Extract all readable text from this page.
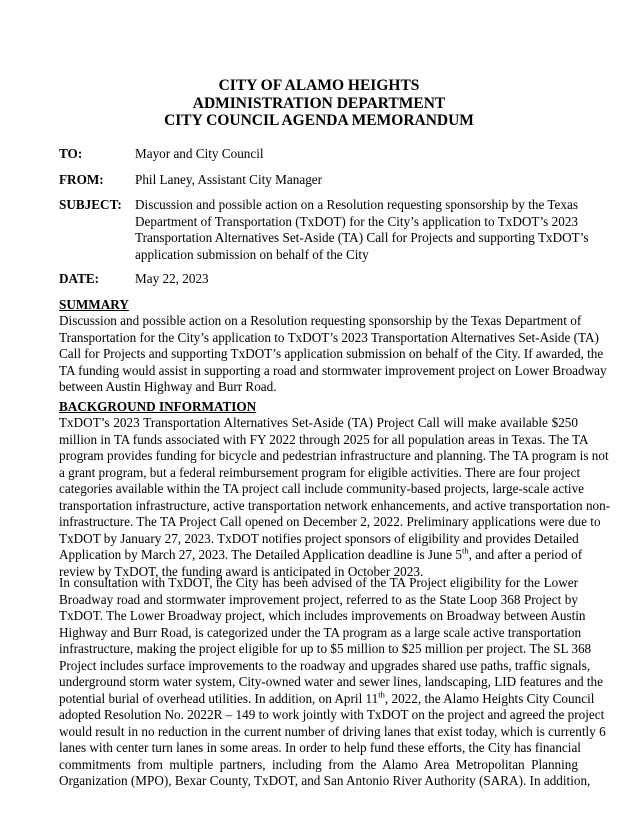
CITY OF ALAMO HEIGHTS
ADMINISTRATION DEPARTMENT
CITY COUNCIL AGENDA MEMORANDUM
TO:	Mayor and City Council
FROM: Phil Laney, Assistant City Manager
SUBJECT: Discussion and possible action on a Resolution requesting sponsorship by the Texas
Department of Transportation (TxDOT) for the City’s application to TxDOT’s 2023
Transportation Alternatives Set-Aside (TA) Call for Projects and supporting TxDOT’s
application submission on behalf of the City
DATE:	May 22, 2023
SUMMARY
Discussion and possible action on a Resolution requesting sponsorship by the Texas Department of
Transportation for the City’s application to TxDOT’s 2023 Transportation Alternatives Set-Aside (TA)
Call for Projects and supporting TxDOT’s application submission on behalf of the City. If awarded, the
TA funding would assist in supporting a road and stormwater improvement project on Lower Broadway
between Austin Highway and Burr Road.
BACKGROUND INFORMATION
TxDOT’s 2023 Transportation Alternatives Set-Aside (TA) Project Call will make available $250
million in TA funds associated with FY 2022 through 2025 for all population areas in Texas. The TA
program provides funding for bicycle and pedestrian infrastructure and planning. The TA program is not
a grant program, but a federal reimbursement program for eligible activities. There are four project
categories available within the TA project call include community-based projects, large-scale active
transportation infrastructure, active transportation network enhancements, and active transportation non-
infrastructure. The TA Project Call opened on December 2, 2022. Preliminary applications were due to
TxDOT by January 27, 2023. TxDOT notifies project sponsors of eligibility and provides Detailed
Application by March 27, 2023. The Detailed Application deadline is June 5th, and after a period of
review by TxDOT, the funding award is anticipated in October 2023.
In consultation with TxDOT, the City has been advised of the TA Project eligibility for the Lower
Broadway road and stormwater improvement project, referred to as the State Loop 368 Project by
TxDOT. The Lower Broadway project, which includes improvements on Broadway between Austin
Highway and Burr Road, is categorized under the TA program as a large scale active transportation
infrastructure, making the project eligible for up to $5 million to $25 million per project. The SL 368
Project includes surface improvements to the roadway and upgrades shared use paths, traffic signals,
underground storm water system, City-owned water and sewer lines, landscaping, LID features and the
potential burial of overhead utilities. In addition, on April 11th, 2022, the Alamo Heights City Council
adopted Resolution No. 2022R – 149 to work jointly with TxDOT on the project and agreed the project
would result in no reduction in the current number of driving lanes that exist today, which is currently 6
lanes with center turn lanes in some areas. In order to help fund these efforts, the City has financial
commitments from multiple partners, including from the Alamo Area Metropolitan Planning
Organization (MPO), Bexar County, TxDOT, and San Antonio River Authority (SARA). In addition,
